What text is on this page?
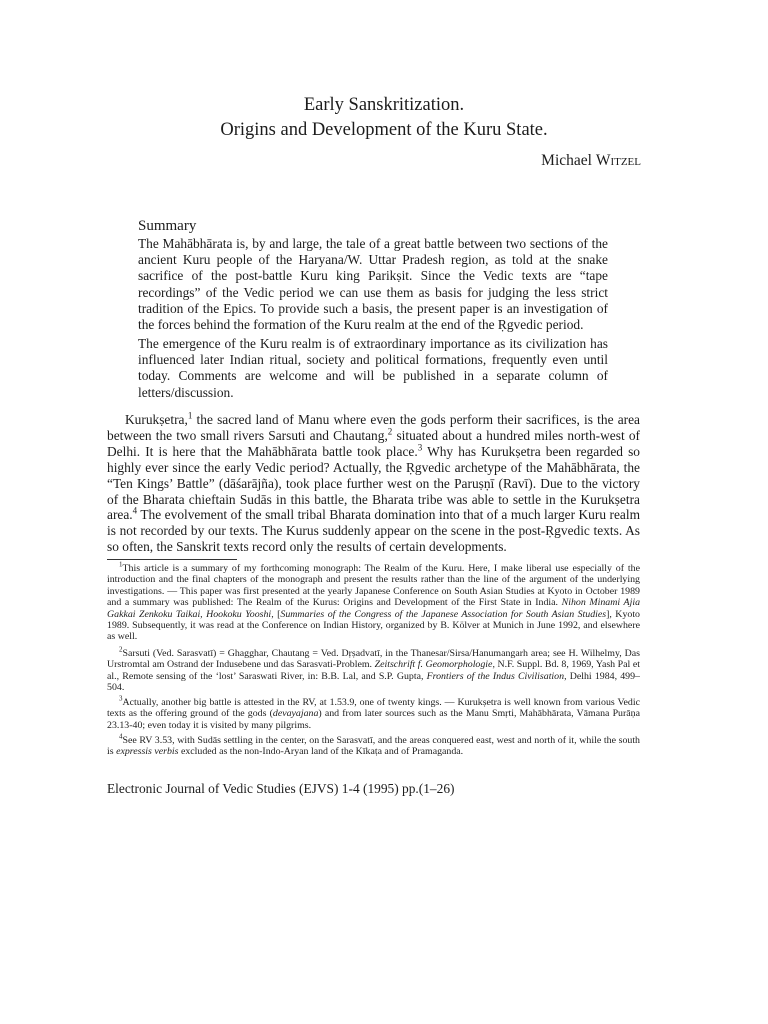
Early Sanskritization.
Origins and Development of the Kuru State.
Michael Witzel
Summary

The Mahābhārata is, by and large, the tale of a great battle between two sections of the ancient Kuru people of the Haryana/W. Uttar Pradesh region, as told at the snake sacrifice of the post-battle Kuru king Parikṣit. Since the Vedic texts are “tape recordings” of the Vedic period we can use them as basis for judging the less strict tradition of the Epics. To provide such a basis, the present paper is an investigation of the forces behind the formation of the Kuru realm at the end of the Ṛgvedic period.

The emergence of the Kuru realm is of extraordinary importance as its civilization has influenced later Indian ritual, society and political formations, frequently even until today. Comments are welcome and will be published in a separate column of letters/discussion.

Kurukṣetra,$^1$ the sacred land of Manu where even the gods perform their sacrifices, is the area between the two small rivers Sarsuti and Chautang,$^2$ situated about a hundred miles north-west of Delhi. It is here that the Mahābhārata battle took place.$^3$ Why has Kurukṣetra been regarded so highly ever since the early Vedic period? Actually, the Ṛgvedic archetype of the Mahābhārata, the “Ten Kings’ Battle” (dāśarājña), took place further west on the Paruṣṇī (Ravī). Due to the victory of the Bharata chieftain Sudās in this battle, the Bharata tribe was able to settle in the Kurukṣetra area.$^4$ The evolvement of the small tribal Bharata domination into that of a much larger Kuru realm is not recorded by our texts. The Kurus suddenly appear on the scene in the post-Ṛgvedic texts. As so often, the Sanskrit texts record only the results of certain developments.

$^1$This article is a summary of my forthcoming monograph: The Realm of the Kuru. Here, I make liberal use especially of the introduction and the final chapters of the monograph and present the results rather than the line of the argument of the underlying investigations. — This paper was first presented at the yearly Japanese Conference on South Asian Studies at Kyoto in October 1989 and a summary was published: The Realm of the Kurus: Origins and Development of the First State in India. Nihon Minami Ajia Gakkai Zenkoku Taikai, Hookoku Yooshi, [Summaries of the Congress of the Japanese Association for South Asian Studies], Kyoto 1989. Subsequently, it was read at the Conference on Indian History, organized by B. Kölver at Munich in June 1992, and elsewhere as well.

$^2$Sarsuti (Ved. Sarasvatī) = Ghagghar, Chautang = Ved. Dṛṣadvatī, in the Thanesar/Sirsa/Hanumangarh area; see H. Wilhelmy, Das Urstromtal am Ostrand der Indusebene und das Sarasvati-Problem. Zeitschrift f. Geomorphologie, N.F. Suppl. Bd. 8, 1969, Yash Pal et al., Remote sensing of the ‘lost’ Saraswati River, in: B.B. Lal, and S.P. Gupta, Frontiers of the Indus Civilisation, Delhi 1984, 499–504.

$^3$Actually, another big battle is attested in the RV, at 1.53.9, one of twenty kings. — Kurukṣetra is well known from various Vedic texts as the offering ground of the gods (devayajana) and from later sources such as the Manu Smṛti, Mahābhārata, Vāmana Purāṇa 23.13-40; even today it is visited by many pilgrims.

$^4$See RV 3.53, with Sudās settling in the center, on the Sarasvatī, and the areas conquered east, west and north of it, while the south is expressis verbis excluded as the non-Indo-Aryan land of the Kīkaṭa and of Pramaganda.

Electronic Journal of Vedic Studies (EJVS) 1-4 (1995) pp.(1–26)
